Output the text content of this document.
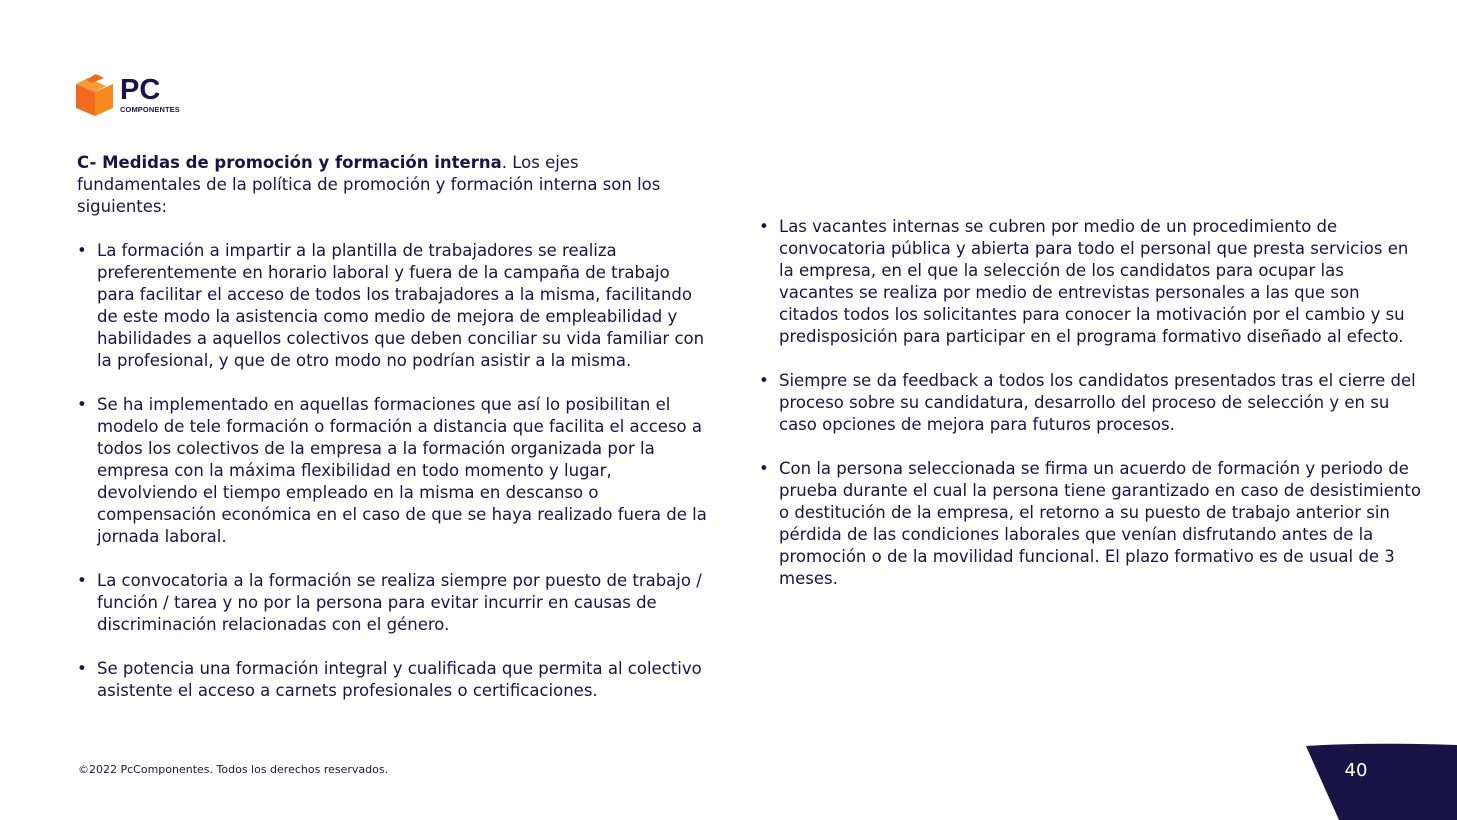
PC
COMPONENTES

C- Medidas de promoción y formación interna. Los ejes fundamentales de la política de promoción y formación interna son los siguientes:

• La formación a impartir a la plantilla de trabajadores se realiza preferentemente en horario laboral y fuera de la campaña de trabajo para facilitar el acceso de todos los trabajadores a la misma, facilitando de este modo la asistencia como medio de mejora de empleabilidad y habilidades a aquellos colectivos que deben conciliar su vida familiar con la profesional, y que de otro modo no podrían asistir a la misma.
• Se ha implementado en aquellas formaciones que así lo posibilitan el modelo de tele formación o formación a distancia que facilita el acceso a todos los colectivos de la empresa a la formación organizada por la empresa con la máxima flexibilidad en todo momento y lugar, devolviendo el tiempo empleado en la misma en descanso o compensación económica en el caso de que se haya realizado fuera de la jornada laboral.
• La convocatoria a la formación se realiza siempre por puesto de trabajo / función / tarea y no por la persona para evitar incurrir en causas de discriminación relacionadas con el género.
• Se potencia una formación integral y cualificada que permita al colectivo asistente el acceso a carnets profesionales o certificaciones.
• Las vacantes internas se cubren por medio de un procedimiento de convocatoria pública y abierta para todo el personal que presta servicios en la empresa, en el que la selección de los candidatos para ocupar las vacantes se realiza por medio de entrevistas personales a las que son citados todos los solicitantes para conocer la motivación por el cambio y su predisposición para participar en el programa formativo diseñado al efecto.
• Siempre se da feedback a todos los candidatos presentados tras el cierre del proceso sobre su candidatura, desarrollo del proceso de selección y en su caso opciones de mejora para futuros procesos.
• Con la persona seleccionada se firma un acuerdo de formación y periodo de prueba durante el cual la persona tiene garantizado en caso de desistimiento o destitución de la empresa, el retorno a su puesto de trabajo anterior sin pérdida de las condiciones laborales que venían disfrutando antes de la promoción o de la movilidad funcional. El plazo formativo es de usual de 3 meses.
©2022 PcComponentes. Todos los derechos reservados.	40
